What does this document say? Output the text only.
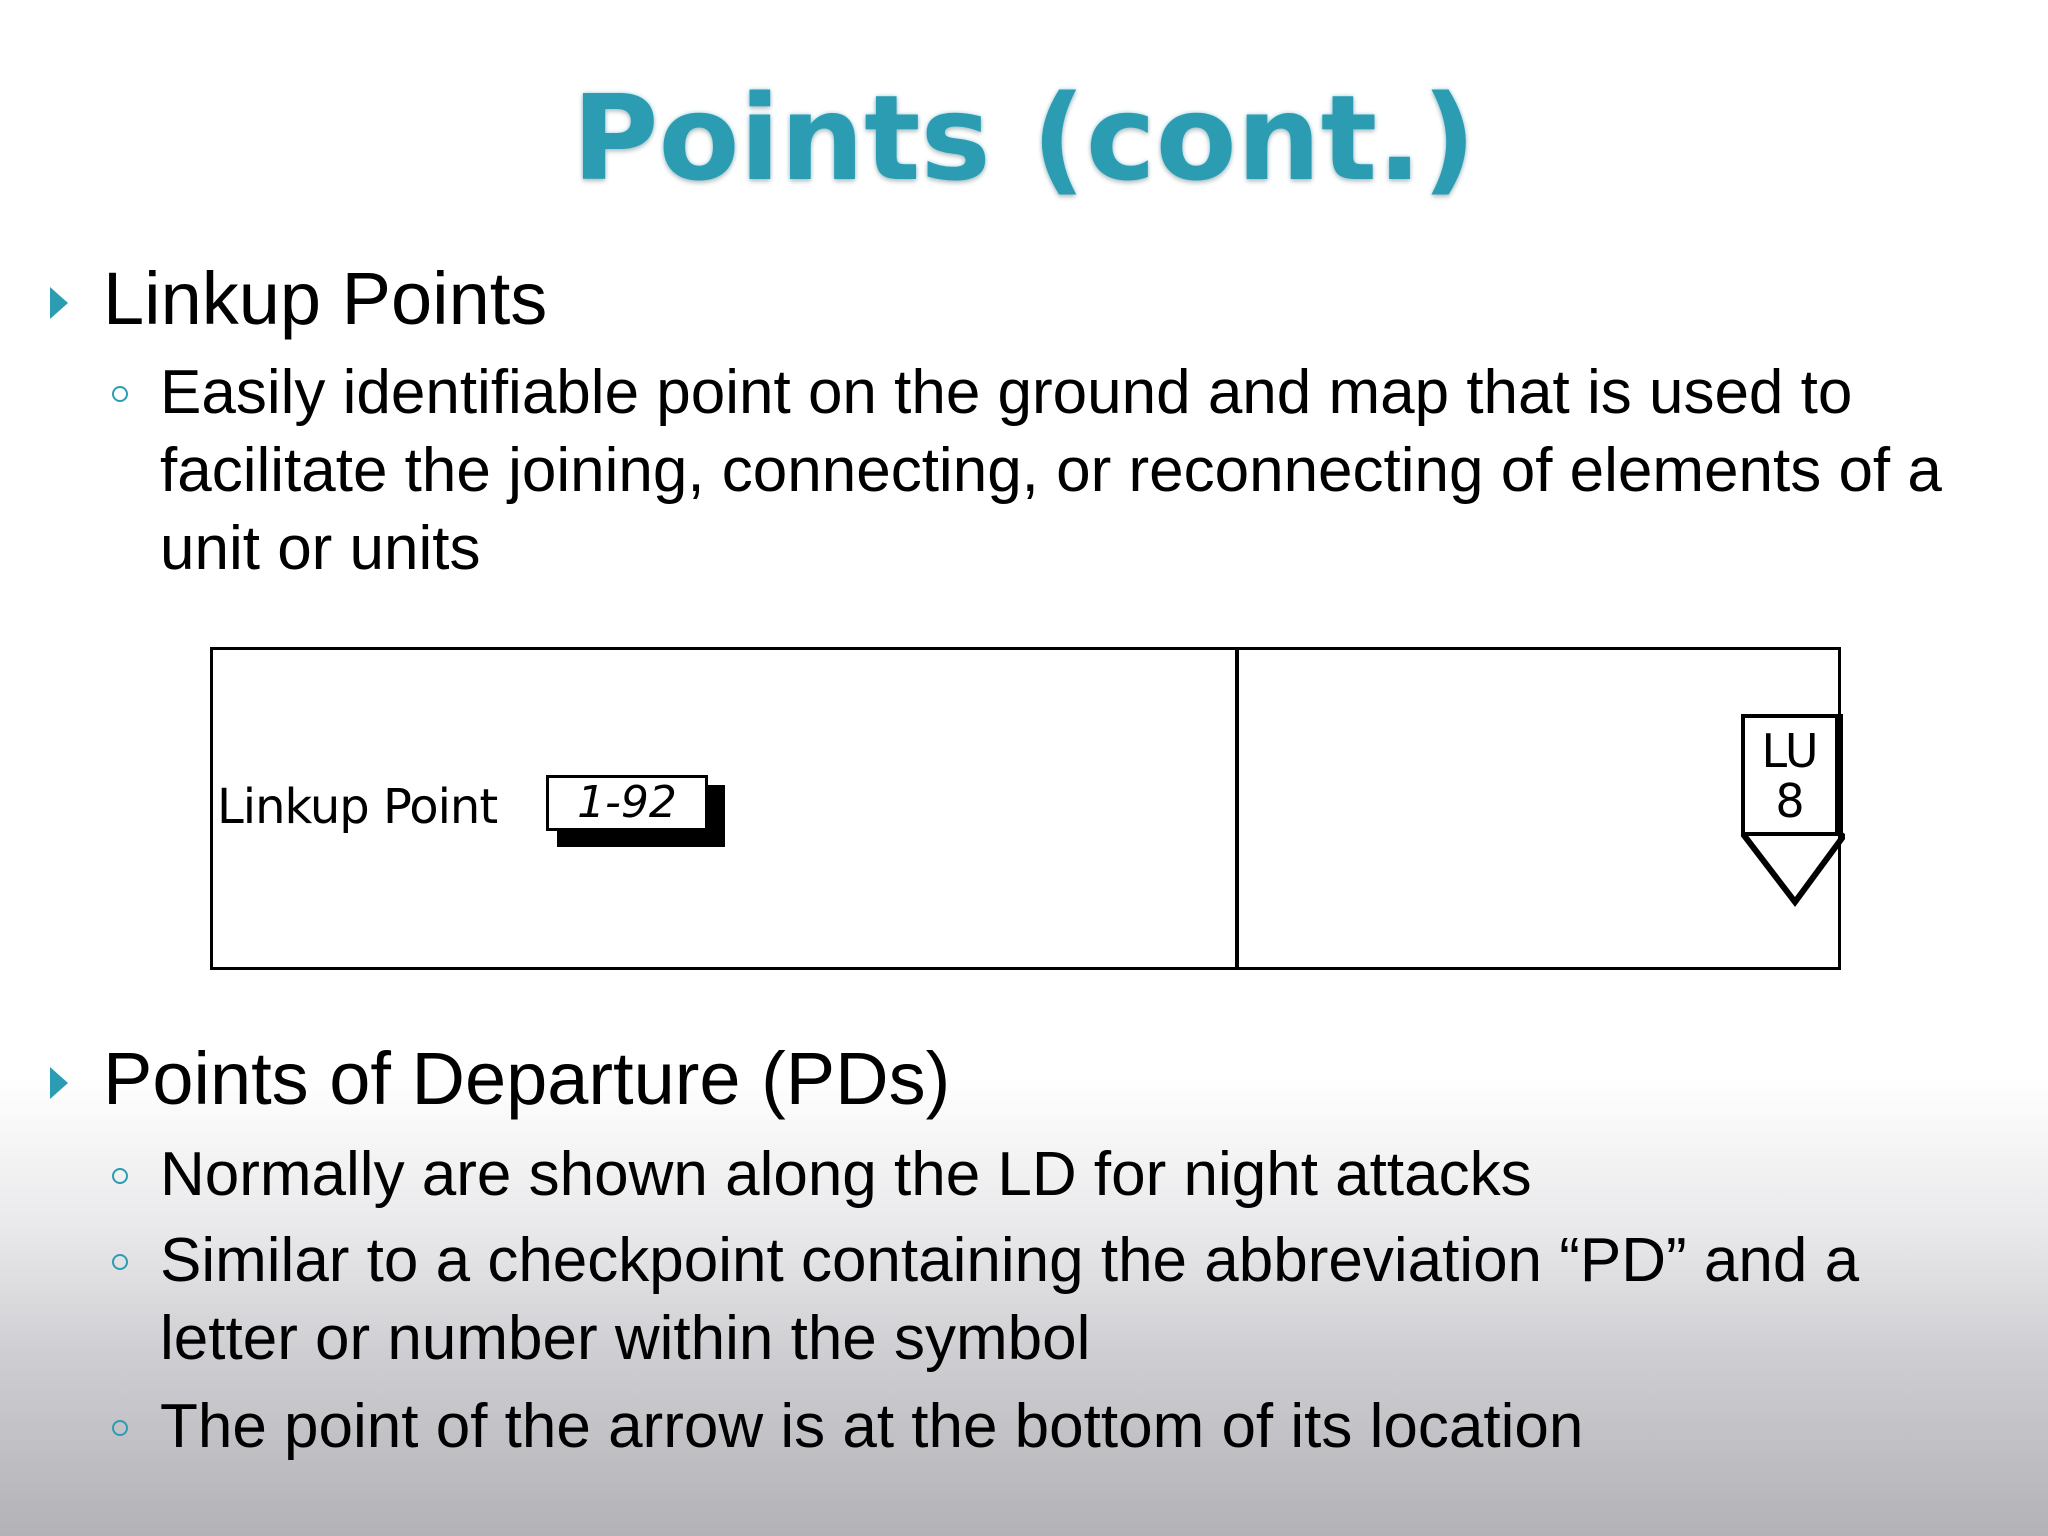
Points (cont.)
Linkup Points
Easily identifiable point on the ground and map that is used to facilitate the joining, connecting, or reconnecting of elements of a unit or units
Linkup Point	1-92
LU
8
Points of Departure (PDs)
Normally are shown along the LD for night attacks
Similar to a checkpoint containing the abbreviation “PD” and a letter or number within the symbol
The point of the arrow is at the bottom of its location
